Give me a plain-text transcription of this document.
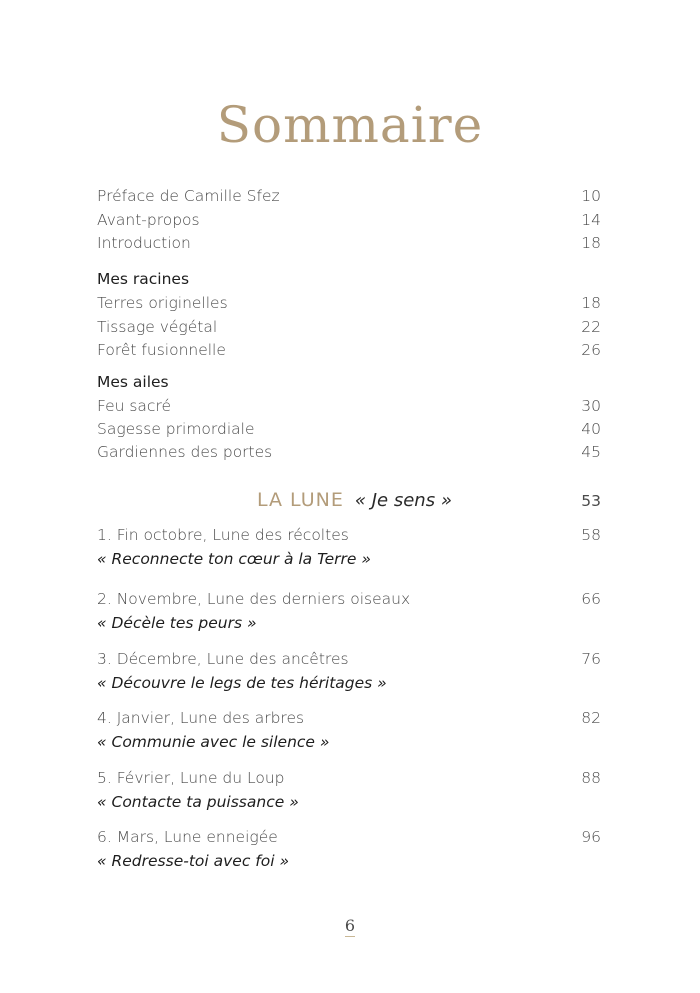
Sommaire
Préface de Camille Sfez	10
Avant-propos	14
Introduction	18
Mes racines
Terres originelles	18
Tissage végétal	22
Forêt fusionnelle	26
Mes ailes
Feu sacré	30
Sagesse primordiale	40
Gardiennes des portes	45
LA LUNE « Je sens »	53
1. Fin octobre, Lune des récoltes	58
« Reconnecte ton cœur à la Terre »
2. Novembre, Lune des derniers oiseaux	66
« Décèle tes peurs »
3. Décembre, Lune des ancêtres	76
« Découvre le legs de tes héritages »
4. Janvier, Lune des arbres	82
« Communie avec le silence »
5. Février, Lune du Loup	88
« Contacte ta puissance »
6. Mars, Lune enneigée	96
« Redresse-toi avec foi »
6
